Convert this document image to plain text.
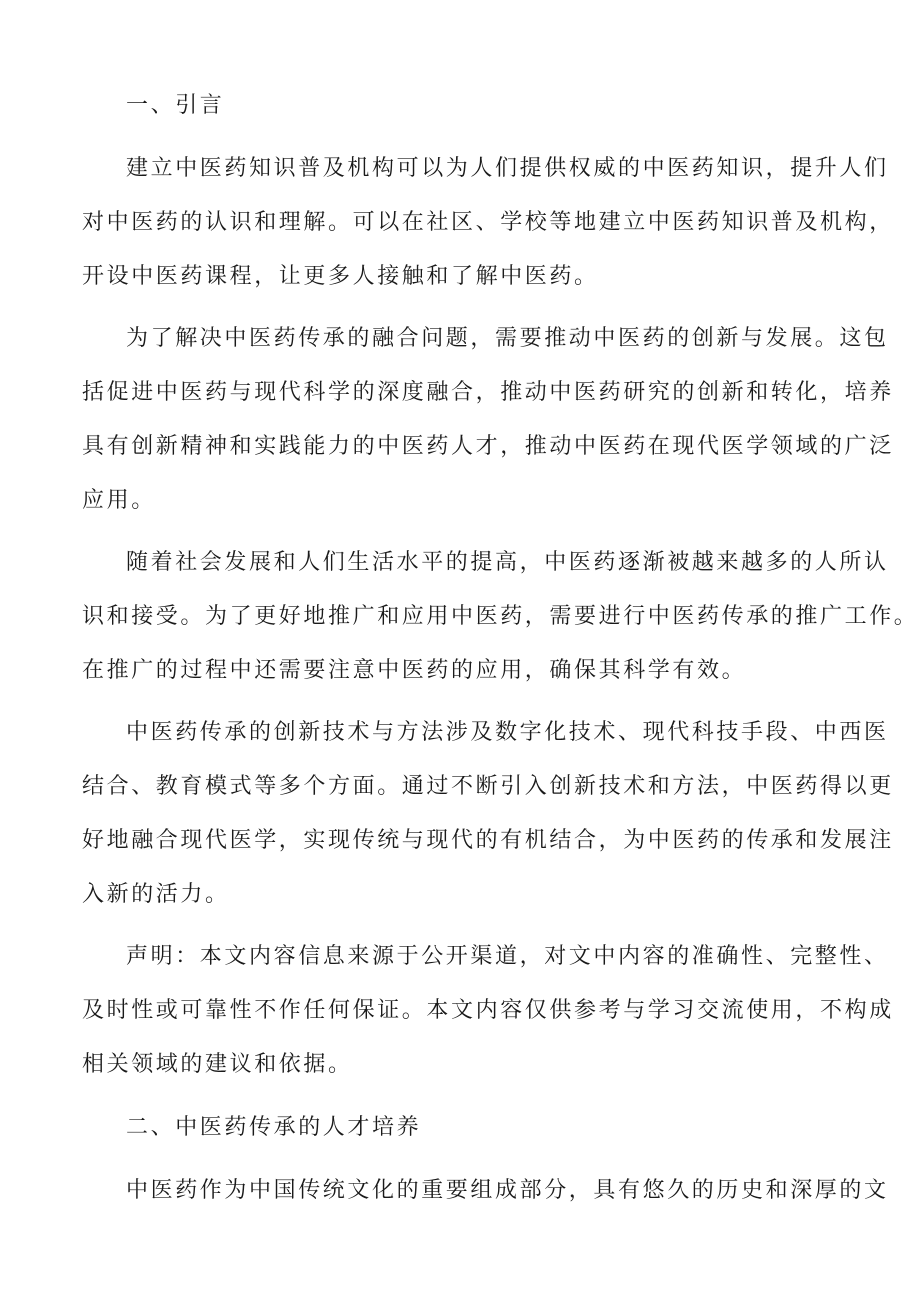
一、引言
建立中医药知识普及机构可以为人们提供权威的中医药知识，提升人们
对中医药的认识和理解。可以在社区、学校等地建立中医药知识普及机构，
开设中医药课程，让更多人接触和了解中医药。
为了解决中医药传承的融合问题，需要推动中医药的创新与发展。这包
括促进中医药与现代科学的深度融合，推动中医药研究的创新和转化，培养
具有创新精神和实践能力的中医药人才，推动中医药在现代医学领域的广泛
应用。
随着社会发展和人们生活水平的提高，中医药逐渐被越来越多的人所认
识和接受。为了更好地推广和应用中医药，需要进行中医药传承的推广工作。
在推广的过程中还需要注意中医药的应用，确保其科学有效。
中医药传承的创新技术与方法涉及数字化技术、现代科技手段、中西医
结合、教育模式等多个方面。通过不断引入创新技术和方法，中医药得以更
好地融合现代医学，实现传统与现代的有机结合，为中医药的传承和发展注
入新的活力。
声明：本文内容信息来源于公开渠道，对文中内容的准确性、完整性、
及时性或可靠性不作任何保证。本文内容仅供参考与学习交流使用，不构成
相关领域的建议和依据。
二、中医药传承的人才培养
中医药作为中国传统文化的重要组成部分，具有悠久的历史和深厚的文
